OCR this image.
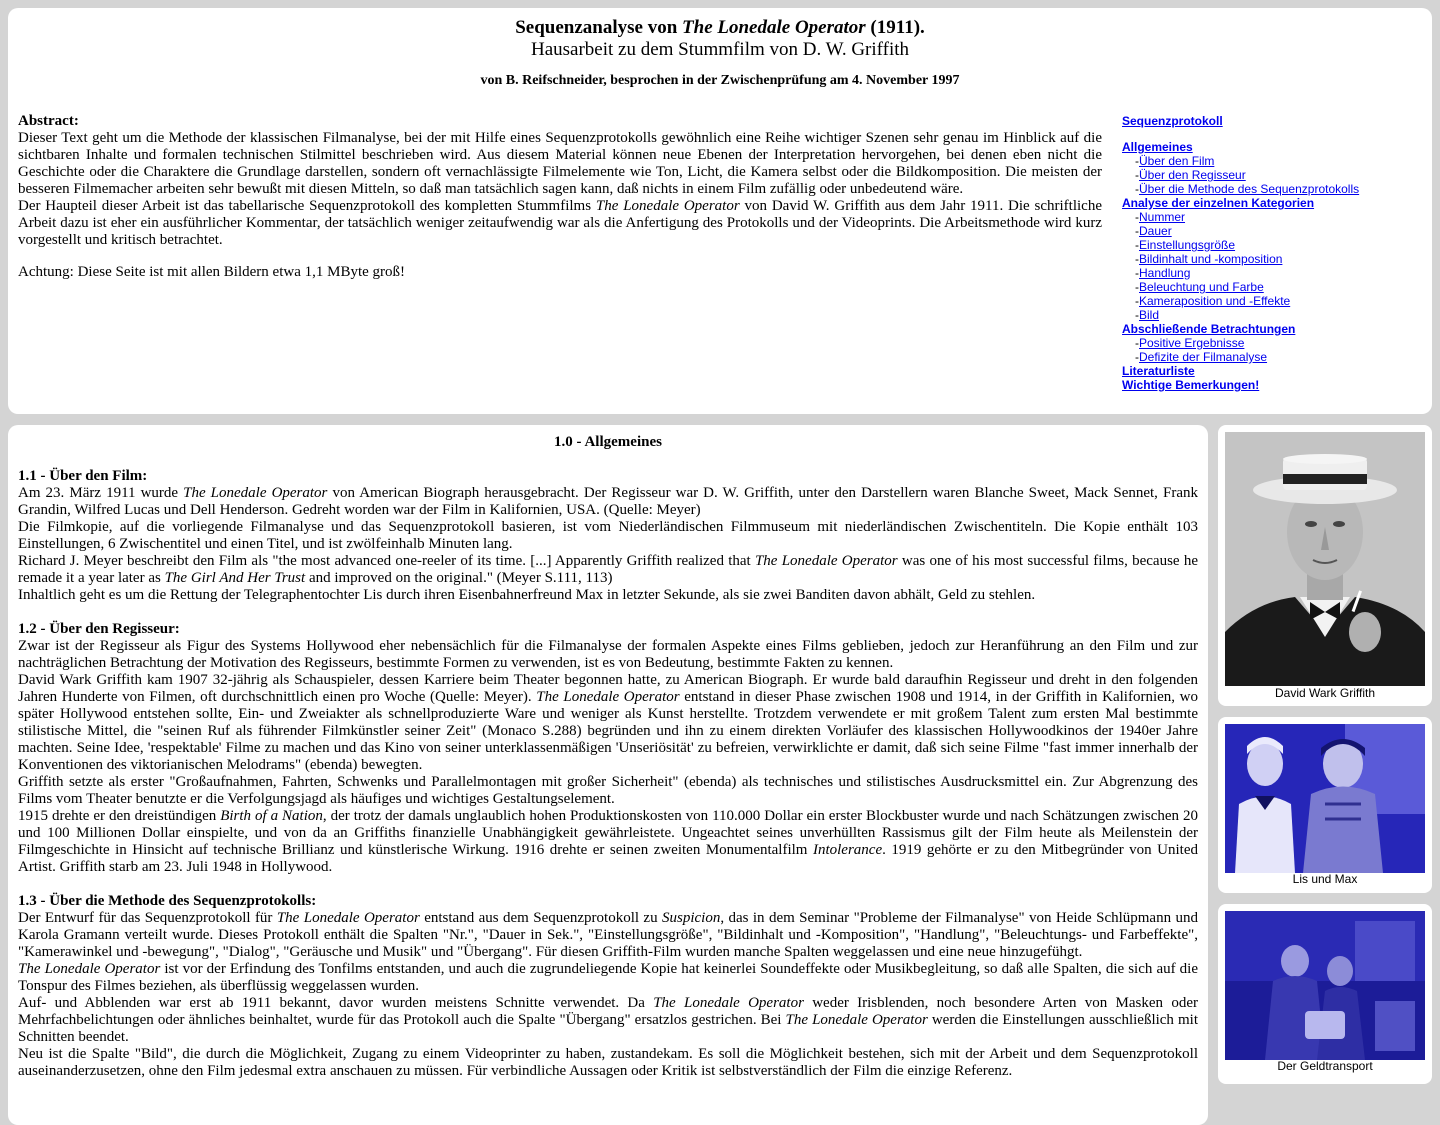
Sequenzanalyse von The Lonedale Operator (1911).
Hausarbeit zu dem Stummfilm von D. W. Griffith
von B. Reifschneider, besprochen in der Zwischenprüfung am 4. November 1997

Abstract:

Dieser Text geht um die Methode der klassischen Filmanalyse, bei der mit Hilfe eines Sequenzprotokolls gewöhnlich eine Reihe wichtiger Szenen sehr genau im Hinblick auf die sichtbaren Inhalte und formalen technischen Stilmittel beschrieben wird. Aus diesem Material können neue Ebenen der Interpretation hervorgehen, bei denen eben nicht die Geschichte oder die Charaktere die Grundlage darstellen, sondern oft vernachlässigte Filmelemente wie Ton, Licht, die Kamera selbst oder die Bildkomposition. Die meisten der besseren Filmemacher arbeiten sehr bewußt mit diesen Mitteln, so daß man tatsächlich sagen kann, daß nichts in einem Film zufällig oder unbedeutend wäre.

Der Haupteil dieser Arbeit ist das tabellarische Sequenzprotokoll des kompletten Stummfilms The Lonedale Operator von David W. Griffith aus dem Jahr 1911. Die schriftliche Arbeit dazu ist eher ein ausführlicher Kommentar, der tatsächlich weniger zeitaufwendig war als die Anfertigung des Protokolls und der Videoprints. Die Arbeitsmethode wird kurz vorgestellt und kritisch betrachtet.

Achtung: Diese Seite ist mit allen Bildern etwa 1,1 MByte groß!

Sequenzprotokoll
Allgemeines
-Über den Film
-Über den Regisseur
-Über die Methode des Sequenzprotokolls
Analyse der einzelnen Kategorien
-Nummer
-Dauer
-Einstellungsgröße
-Bildinhalt und -komposition
-Handlung
-Beleuchtung und Farbe
-Kameraposition und -Effekte
-Bild
Abschließende Betrachtungen
-Positive Ergebnisse
-Defizite der Filmanalyse
Literaturliste
Wichtige Bemerkungen!

1.0 - Allgemeines

1.1 - Über den Film:

Am 23. März 1911 wurde The Lonedale Operator von American Biograph herausgebracht. Der Regisseur war D. W. Griffith, unter den Darstellern waren Blanche Sweet, Mack Sennet, Frank Grandin, Wilfred Lucas und Dell Henderson. Gedreht worden war der Film in Kalifornien, USA. (Quelle: Meyer)

Die Filmkopie, auf die vorliegende Filmanalyse und das Sequenzprotokoll basieren, ist vom Niederländischen Filmmuseum mit niederländischen Zwischentiteln. Die Kopie enthält 103 Einstellungen, 6 Zwischentitel und einen Titel, und ist zwölfeinhalb Minuten lang.

Richard J. Meyer beschreibt den Film als "the most advanced one-reeler of its time. [...] Apparently Griffith realized that The Lonedale Operator was one of his most successful films, because he remade it a year later as The Girl And Her Trust and improved on the original." (Meyer S.111, 113)

Inhaltlich geht es um die Rettung der Telegraphentochter Lis durch ihren Eisenbahnerfreund Max in letzter Sekunde, als sie zwei Banditen davon abhält, Geld zu stehlen.

1.2 - Über den Regisseur:

Zwar ist der Regisseur als Figur des Systems Hollywood eher nebensächlich für die Filmanalyse der formalen Aspekte eines Films geblieben, jedoch zur Heranführung an den Film und zur nachträglichen Betrachtung der Motivation des Regisseurs, bestimmte Formen zu verwenden, ist es von Bedeutung, bestimmte Fakten zu kennen.

David Wark Griffith kam 1907 32-jährig als Schauspieler, dessen Karriere beim Theater begonnen hatte, zu American Biograph. Er wurde bald daraufhin Regisseur und dreht in den folgenden Jahren Hunderte von Filmen, oft durchschnittlich einen pro Woche (Quelle: Meyer). The Lonedale Operator entstand in dieser Phase zwischen 1908 und 1914, in der Griffith in Kalifornien, wo später Hollywood entstehen sollte, Ein- und Zweiakter als schnellproduzierte Ware und weniger als Kunst herstellte. Trotzdem verwendete er mit großem Talent zum ersten Mal bestimmte stilistische Mittel, die "seinen Ruf als führender Filmkünstler seiner Zeit" (Monaco S.288) begründen und ihn zu einem direkten Vorläufer des klassischen Hollywoodkinos der 1940er Jahre machten. Seine Idee, 'respektable' Filme zu machen und das Kino von seiner unterklassenmäßigen 'Unseriösität' zu befreien, verwirklichte er damit, daß sich seine Filme "fast immer innerhalb der Konventionen des viktorianischen Melodrams" (ebenda) bewegten.

Griffith setzte als erster "Großaufnahmen, Fahrten, Schwenks und Parallelmontagen mit großer Sicherheit" (ebenda) als technisches und stilistisches Ausdrucksmittel ein. Zur Abgrenzung des Films vom Theater benutzte er die Verfolgungsjagd als häufiges und wichtiges Gestaltungselement.

1915 drehte er den dreistündigen Birth of a Nation, der trotz der damals unglaublich hohen Produktionskosten von 110.000 Dollar ein erster Blockbuster wurde und nach Schätzungen zwischen 20 und 100 Millionen Dollar einspielte, und von da an Griffiths finanzielle Unabhängigkeit gewährleistete. Ungeachtet seines unverhüllten Rassismus gilt der Film heute als Meilenstein der Filmgeschichte in Hinsicht auf technische Brillianz und künstlerische Wirkung. 1916 drehte er seinen zweiten Monumentalfilm Intolerance. 1919 gehörte er zu den Mitbegründer von United Artist. Griffith starb am 23. Juli 1948 in Hollywood.

1.3 - Über die Methode des Sequenzprotokolls:

Der Entwurf für das Sequenzprotokoll für The Lonedale Operator entstand aus dem Sequenzprotokoll zu Suspicion, das in dem Seminar "Probleme der Filmanalyse" von Heide Schlüpmann und Karola Gramann verteilt wurde. Dieses Protokoll enthält die Spalten "Nr.", "Dauer in Sek.", "Einstellungsgröße", "Bildinhalt und -Komposition", "Handlung", "Beleuchtungs- und Farbeffekte", "Kamerawinkel und -bewegung", "Dialog", "Geräusche und Musik" und "Übergang". Für diesen Griffith-Film wurden manche Spalten weggelassen und eine neue hinzugefühgt.

The Lonedale Operator ist vor der Erfindung des Tonfilms entstanden, und auch die zugrundeliegende Kopie hat keinerlei Soundeffekte oder Musikbegleitung, so daß alle Spalten, die sich auf die Tonspur des Filmes beziehen, als überflüssig weggelassen wurden.

Auf- und Abblenden war erst ab 1911 bekannt, davor wurden meistens Schnitte verwendet. Da The Lonedale Operator weder Irisblenden, noch besondere Arten von Masken oder Mehrfachbelichtungen oder ähnliches beinhaltet, wurde für das Protokoll auch die Spalte "Übergang" ersatzlos gestrichen. Bei The Lonedale Operator werden die Einstellungen ausschließlich mit Schnitten beendet.

Neu ist die Spalte "Bild", die durch die Möglichkeit, Zugang zu einem Videoprinter zu haben, zustandekam. Es soll die Möglichkeit bestehen, sich mit der Arbeit und dem Sequenzprotokoll auseinanderzusetzen, ohne den Film jedesmal extra anschauen zu müssen. Für verbindliche Aussagen oder Kritik ist selbstverständlich der Film die einzige Referenz.

David Wark Griffith
Lis und Max
Der Geldtransport
